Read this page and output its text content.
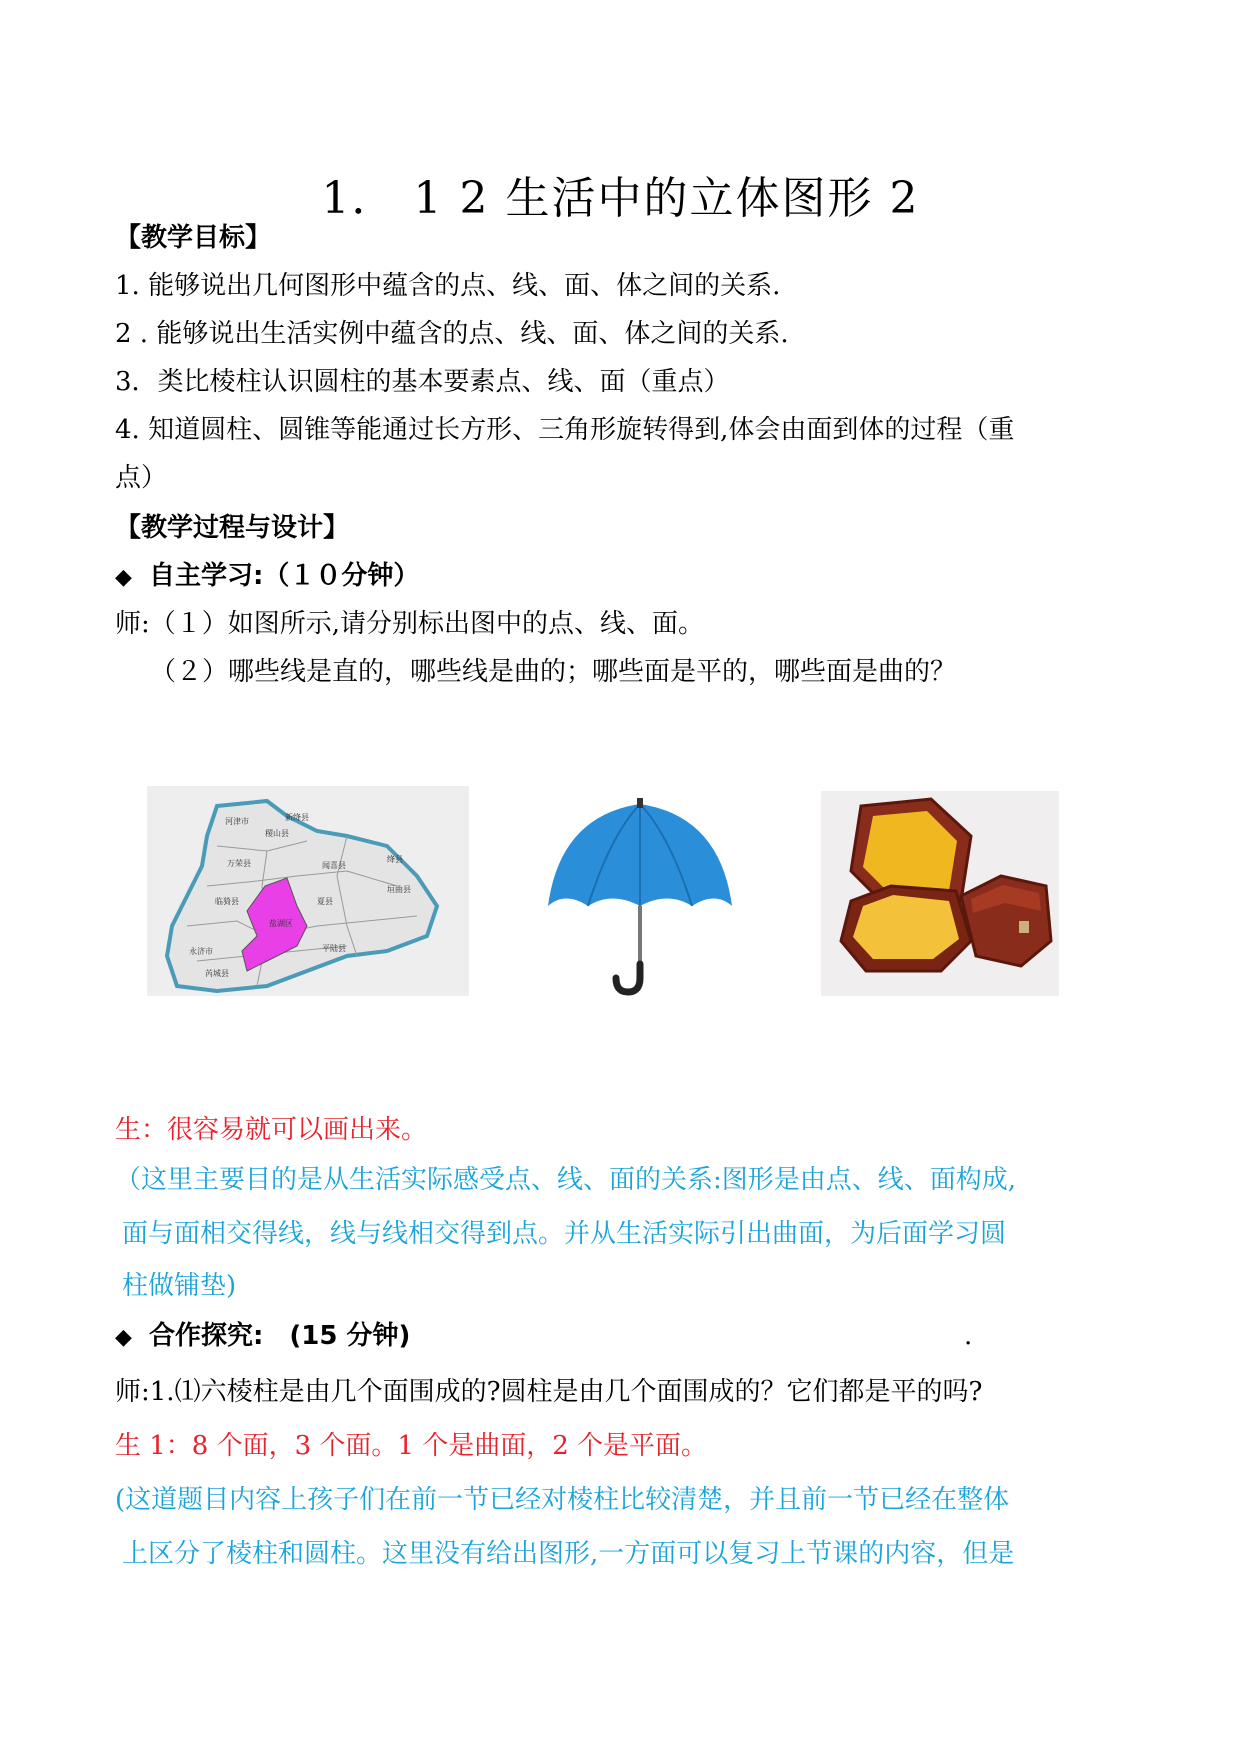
1． 1 2 生活中的立体图形 2
【教学目标】
1. 能够说出几何图形中蕴含的点、线、面、体之间的关系.
2 . 能够说出生活实例中蕴含的点、线、面、体之间的关系.
3．类比棱柱认识圆柱的基本要素点、线、面（重点）
4. 知道圆柱、圆锥等能通过长方形、三角形旋转得到,体会由面到体的过程（重
点）
【教学过程与设计】
◆ 自主学习:（１０分钟）
师:（１）如图所示,请分别标出图中的点、线、面。
（２）哪些线是直的，哪些线是曲的；哪些面是平的，哪些面是曲的？
河津市	新绛县
稷山县
绛县
万荣县	闻喜县
垣曲县
临猗县	夏县
盐湖区
永济市	平陆县
芮城县
生：很容易就可以画出来。
（这里主要目的是从生活实际感受点、线、面的关系:图形是由点、线、面构成,
面与面相交得线，线与线相交得到点。并从生活实际引出曲面，为后面学习圆
柱做铺垫)
◆ 合作探究:　(15 分钟)	.
师:1.⑴六棱柱是由几个面围成的?圆柱是由几个面围成的？它们都是平的吗?
生 1：8 个面，3 个面。1 个是曲面，2 个是平面。
(这道题目内容上孩子们在前一节已经对棱柱比较清楚，并且前一节已经在整体
上区分了棱柱和圆柱。这里没有给出图形,一方面可以复习上节课的内容，但是
